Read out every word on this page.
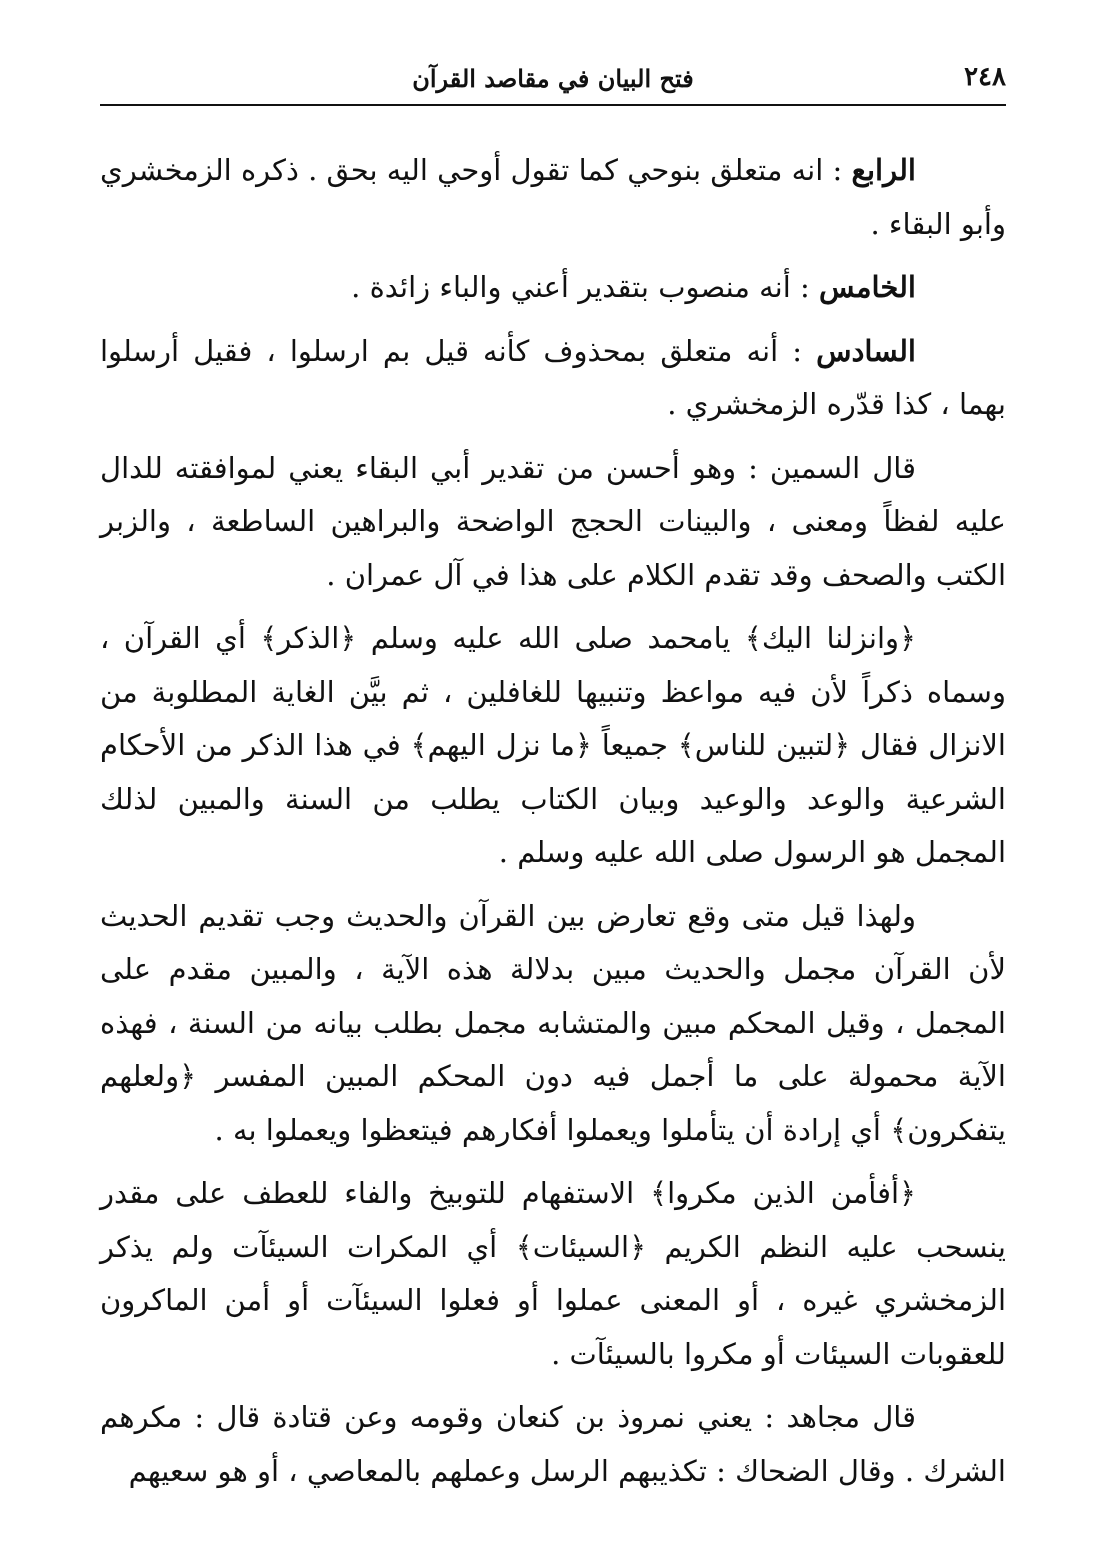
٢٤٨
فتح البيان في مقاصد القرآن

الرابع : انه متعلق بنوحي كما تقول أوحي اليه بحق . ذكره الزمخشري وأبو البقاء .

الخامس : أنه منصوب بتقدير أعني والباء زائدة .

السادس : أنه متعلق بمحذوف كأنه قيل بم ارسلوا ، فقيل أرسلوا بهما ، كذا قدّره الزمخشري .

قال السمين : وهو أحسن من تقدير أبي البقاء يعني لموافقته للدال عليه لفظاً ومعنى ، والبينات الحجج الواضحة والبراهين الساطعة ، والزبر الكتب والصحف وقد تقدم الكلام على هذا في آل عمران .

﴿وانزلنا اليك﴾ يامحمد صلى الله عليه وسلم ﴿الذكر﴾ أي القرآن ، وسماه ذكراً لأن فيه مواعظ وتنبيها للغافلين ، ثم بيَّن الغاية المطلوبة من الانزال فقال ﴿لتبين للناس﴾ جميعاً ﴿ما نزل اليهم﴾ في هذا الذكر من الأحكام الشرعية والوعد والوعيد وبيان الكتاب يطلب من السنة والمبين لذلك المجمل هو الرسول صلى الله عليه وسلم .

ولهذا قيل متى وقع تعارض بين القرآن والحديث وجب تقديم الحديث لأن القرآن مجمل والحديث مبين بدلالة هذه الآية ، والمبين مقدم على المجمل ، وقيل المحكم مبين والمتشابه مجمل بطلب بيانه من السنة ، فهذه الآية محمولة على ما أجمل فيه دون المحكم المبين المفسر ﴿ولعلهم يتفكرون﴾ أي إرادة أن يتأملوا ويعملوا أفكارهم فيتعظوا ويعملوا به .

﴿أفأمن الذين مكروا﴾ الاستفهام للتوبيخ والفاء للعطف على مقدر ينسحب عليه النظم الكريم ﴿السيئات﴾ أي المكرات السيئآت ولم يذكر الزمخشري غيره ، أو المعنى عملوا أو فعلوا السيئآت أو أمن الماكرون للعقوبات السيئات أو مكروا بالسيئآت .

قال مجاهد : يعني نمروذ بن كنعان وقومه وعن قتادة قال : مكرهم الشرك . وقال الضحاك : تكذيبهم الرسل وعملهم بالمعاصي ، أو هو سعيهم
